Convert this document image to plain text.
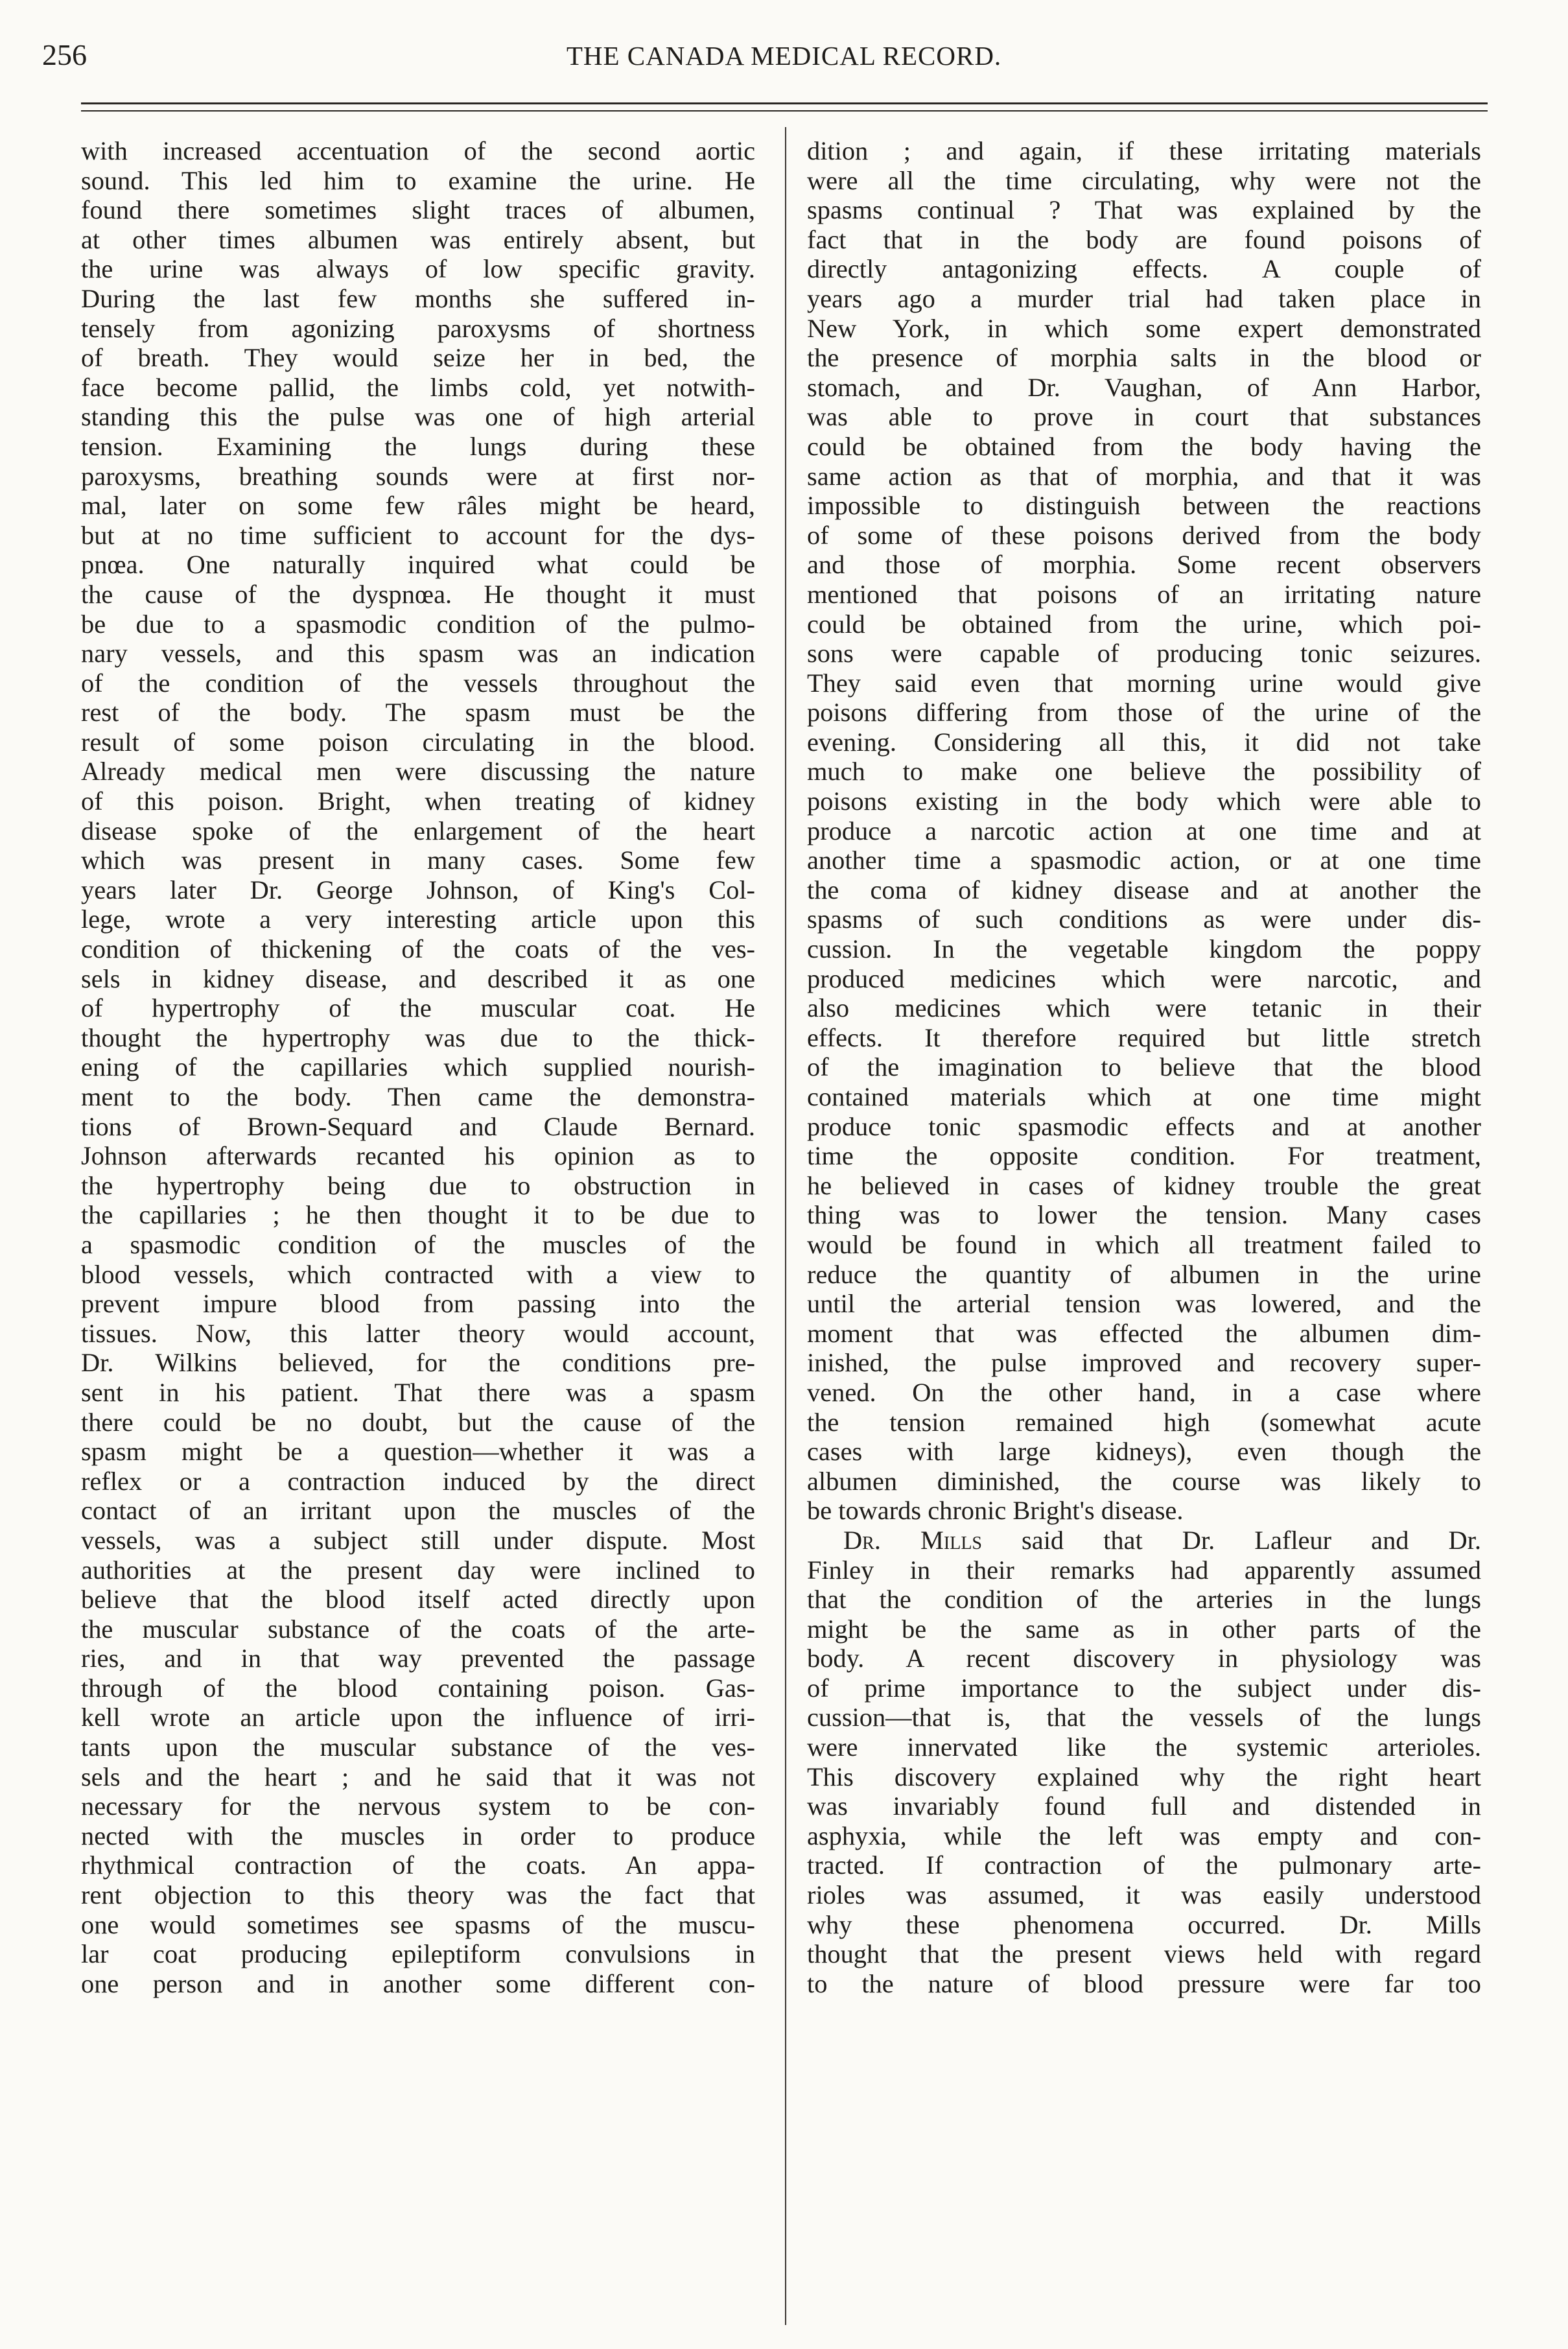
256	THE CANADA MEDICAL RECORD.
with increased accentuation of the second aortic
sound. This led him to examine the urine. He
found there sometimes slight traces of albumen,
at other times albumen was entirely absent, but
the urine was always of low specific gravity.
During the last few months she suffered in-
tensely from agonizing paroxysms of shortness
of breath. They would seize her in bed, the
face become pallid, the limbs cold, yet notwith-
standing this the pulse was one of high arterial
tension. Examining the lungs during these
paroxysms, breathing sounds were at first nor-
mal, later on some few râles might be heard,
but at no time sufficient to account for the dys-
pnœa. One naturally inquired what could be
the cause of the dyspnœa. He thought it must
be due to a spasmodic condition of the pulmo-
nary vessels, and this spasm was an indication
of the condition of the vessels throughout the
rest of the body. The spasm must be the
result of some poison circulating in the blood.
Already medical men were discussing the nature
of this poison. Bright, when treating of kidney
disease spoke of the enlargement of the heart
which was present in many cases. Some few
years later Dr. George Johnson, of King's Col-
lege, wrote a very interesting article upon this
condition of thickening of the coats of the ves-
sels in kidney disease, and described it as one
of hypertrophy of the muscular coat. He
thought the hypertrophy was due to the thick-
ening of the capillaries which supplied nourish-
ment to the body. Then came the demonstra-
tions of Brown-Sequard and Claude Bernard.
Johnson afterwards recanted his opinion as to
the hypertrophy being due to obstruction in
the capillaries ; he then thought it to be due to
a spasmodic condition of the muscles of the
blood vessels, which contracted with a view to
prevent impure blood from passing into the
tissues. Now, this latter theory would account,
Dr. Wilkins believed, for the conditions pre-
sent in his patient. That there was a spasm
there could be no doubt, but the cause of the
spasm might be a question—whether it was a
reflex or a contraction induced by the direct
contact of an irritant upon the muscles of the
vessels, was a subject still under dispute. Most
authorities at the present day were inclined to
believe that the blood itself acted directly upon
the muscular substance of the coats of the arte-
ries, and in that way prevented the passage
through of the blood containing poison. Gas-
kell wrote an article upon the influence of irri-
tants upon the muscular substance of the ves-
sels and the heart ; and he said that it was not
necessary for the nervous system to be con-
nected with the muscles in order to produce
rhythmical contraction of the coats. An appa-
rent objection to this theory was the fact that
one would sometimes see spasms of the muscu-
lar coat producing epileptiform convulsions in
one person and in another some different con-
dition ; and again, if these irritating materials
were all the time circulating, why were not the
spasms continual ? That was explained by the
fact that in the body are found poisons of
directly antagonizing effects. A couple of
years ago a murder trial had taken place in
New York, in which some expert demonstrated
the presence of morphia salts in the blood or
stomach, and Dr. Vaughan, of Ann Harbor,
was able to prove in court that substances
could be obtained from the body having the
same action as that of morphia, and that it was
impossible to distinguish between the reactions
of some of these poisons derived from the body
and those of morphia. Some recent observers
mentioned that poisons of an irritating nature
could be obtained from the urine, which poi-
sons were capable of producing tonic seizures.
They said even that morning urine would give
poisons differing from those of the urine of the
evening. Considering all this, it did not take
much to make one believe the possibility of
poisons existing in the body which were able to
produce a narcotic action at one time and at
another time a spasmodic action, or at one time
the coma of kidney disease and at another the
spasms of such conditions as were under dis-
cussion. In the vegetable kingdom the poppy
produced medicines which were narcotic, and
also medicines which were tetanic in their
effects. It therefore required but little stretch
of the imagination to believe that the blood
contained materials which at one time might
produce tonic spasmodic effects and at another
time the opposite condition. For treatment,
he believed in cases of kidney trouble the great
thing was to lower the tension. Many cases
would be found in which all treatment failed to
reduce the quantity of albumen in the urine
until the arterial tension was lowered, and the
moment that was effected the albumen dim-
inished, the pulse improved and recovery super-
vened. On the other hand, in a case where
the tension remained high (somewhat acute
cases with large kidneys), even though the
albumen diminished, the course was likely to
be towards chronic Bright's disease.
Dr. Mills said that Dr. Lafleur and Dr.
Finley in their remarks had apparently assumed
that the condition of the arteries in the lungs
might be the same as in other parts of the
body. A recent discovery in physiology was
of prime importance to the subject under dis-
cussion—that is, that the vessels of the lungs
were innervated like the systemic arterioles.
This discovery explained why the right heart
was invariably found full and distended in
asphyxia, while the left was empty and con-
tracted. If contraction of the pulmonary arte-
rioles was assumed, it was easily understood
why these phenomena occurred. Dr. Mills
thought that the present views held with regard
to the nature of blood pressure were far too
